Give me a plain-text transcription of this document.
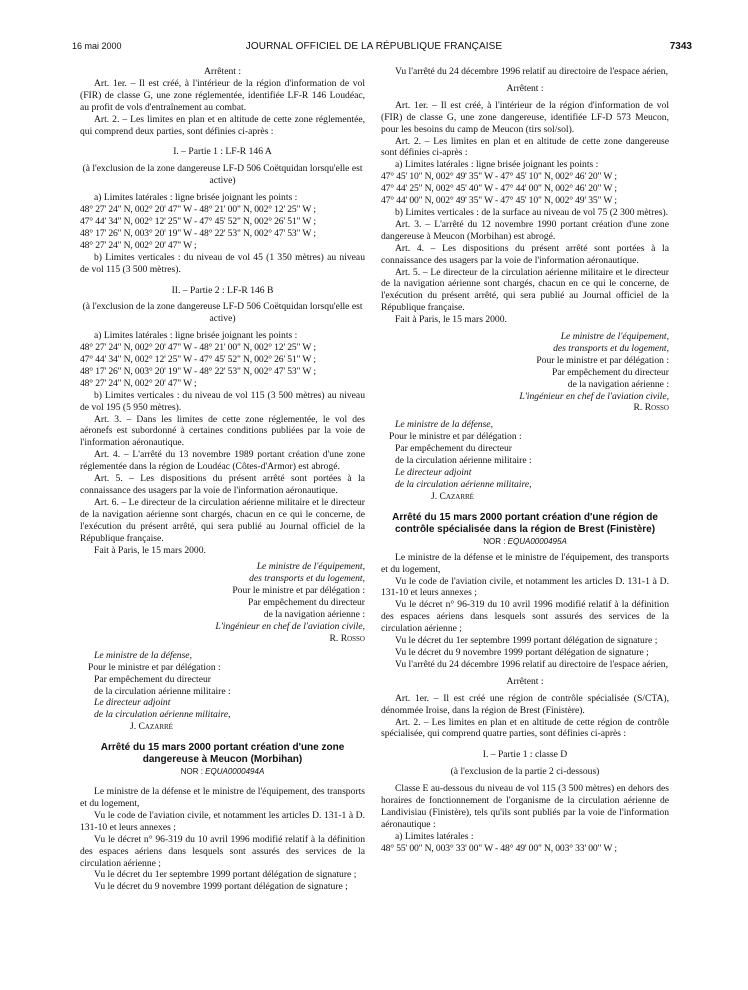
16 mai 2000	JOURNAL OFFICIEL DE LA RÉPUBLIQUE FRANÇAISE	7343

Arrêtent :

Art. 1er. – Il est créé, à l'intérieur de la région d'information de vol (FIR) de classe G, une zone réglementée, identifiée LF-R 146 Loudéac, au profit de vols d'entraînement au combat.

Art. 2. – Les limites en plan et en altitude de cette zone réglementée, qui comprend deux parties, sont définies ci-après :

I. – Partie 1 : LF-R 146 A

(à l'exclusion de la zone dangereuse LF-D 506 Coëtquidan lorsqu'elle est active)

a) Limites latérales : ligne brisée joignant les points :

48° 27' 24" N, 002° 20' 47" W - 48° 21' 00" N, 002° 12' 25" W ;

47° 44' 34" N, 002° 12' 25" W - 47° 45' 52" N, 002° 26' 51" W ;

48° 17' 26" N, 003° 20' 19" W - 48° 22' 53" N, 002° 47' 53" W ;

48° 27' 24" N, 002° 20' 47" W ;

b) Limites verticales : du niveau de vol 45 (1 350 mètres) au niveau de vol 115 (3 500 mètres).

II. – Partie 2 : LF-R 146 B

(à l'exclusion de la zone dangereuse LF-D 506 Coëtquidan lorsqu'elle est active)

a) Limites latérales : ligne brisée joignant les points :

48° 27' 24" N, 002° 20' 47" W - 48° 21' 00" N, 002° 12' 25" W ;

47° 44' 34" N, 002° 12' 25" W - 47° 45' 52" N, 002° 26' 51" W ;

48° 17' 26" N, 003° 20' 19" W - 48° 22' 53" N, 002° 47' 53" W ;

48° 27' 24" N, 002° 20' 47" W ;

b) Limites verticales : du niveau de vol 115 (3 500 mètres) au niveau de vol 195 (5 950 mètres).

Art. 3. – Dans les limites de cette zone réglementée, le vol des aéronefs est subordonné à certaines conditions publiées par la voie de l'information aéronautique.

Art. 4. – L'arrêté du 13 novembre 1989 portant création d'une zone réglementée dans la région de Loudéac (Côtes-d'Armor) est abrogé.

Art. 5. – Les dispositions du présent arrêté sont portées à la connaissance des usagers par la voie de l'information aéronautique.

Art. 6. – Le directeur de la circulation aérienne militaire et le directeur de la navigation aérienne sont chargés, chacun en ce qui le concerne, de l'exécution du présent arrêté, qui sera publié au Journal officiel de la République française.

Fait à Paris, le 15 mars 2000.

Le ministre de l'équipement,

des transports et du logement,

Pour le ministre et par délégation :

Par empêchement du directeur

de la navigation aérienne :

L'ingénieur en chef de l'aviation civile,

R. Rosso

Le ministre de la défense,

Pour le ministre et par délégation :

Par empêchement du directeur

de la circulation aérienne militaire :

Le directeur adjoint

de la circulation aérienne militaire,

J. Cazarré

Arrêté du 15 mars 2000 portant création d'une zone dangereuse à Meucon (Morbihan)

NOR : EQUA0000494A

Le ministre de la défense et le ministre de l'équipement, des transports et du logement,

Vu le code de l'aviation civile, et notamment les articles D. 131-1 à D. 131-10 et leurs annexes ;

Vu le décret n° 96-319 du 10 avril 1996 modifié relatif à la définition des espaces aériens dans lesquels sont assurés des services de la circulation aérienne ;

Vu le décret du 1er septembre 1999 portant délégation de signature ;

Vu le décret du 9 novembre 1999 portant délégation de signature ;

Vu l'arrêté du 24 décembre 1996 relatif au directoire de l'espace aérien,

Arrêtent :

Art. 1er. – Il est créé, à l'intérieur de la région d'information de vol (FIR) de classe G, une zone dangereuse, identifiée LF-D 573 Meucon, pour les besoins du camp de Meucon (tirs sol/sol).

Art. 2. – Les limites en plan et en altitude de cette zone dangereuse sont définies ci-après :

a) Limites latérales : ligne brisée joignant les points :

47° 45' 10" N, 002° 49' 35" W - 47° 45' 10" N, 002° 46' 20" W ;

47° 44' 25" N, 002° 45' 40" W - 47° 44' 00" N, 002° 46' 20" W ;

47° 44' 00" N, 002° 49' 35" W - 47° 45' 10" N, 002° 49' 35" W ;

b) Limites verticales : de la surface au niveau de vol 75 (2 300 mètres).

Art. 3. – L'arrêté du 12 novembre 1990 portant création d'une zone dangereuse à Meucon (Morbihan) est abrogé.

Art. 4. – Les dispositions du présent arrêté sont portées à la connaissance des usagers par la voie de l'information aéronautique.

Art. 5. – Le directeur de la circulation aérienne militaire et le directeur de la navigation aérienne sont chargés, chacun en ce qui le concerne, de l'exécution du présent arrêté, qui sera publié au Journal officiel de la République française.

Fait à Paris, le 15 mars 2000.

Le ministre de l'équipement,

des transports et du logement,

Pour le ministre et par délégation :

Par empêchement du directeur

de la navigation aérienne :

L'ingénieur en chef de l'aviation civile,

R. Rosso

Le ministre de la défense,

Pour le ministre et par délégation :

Par empêchement du directeur

de la circulation aérienne militaire :

Le directeur adjoint

de la circulation aérienne militaire,

J. Cazarré

Arrêté du 15 mars 2000 portant création d'une région de contrôle spécialisée dans la région de Brest (Finistère)

NOR : EQUA0000495A

Le ministre de la défense et le ministre de l'équipement, des transports et du logement,

Vu le code de l'aviation civile, et notamment les articles D. 131-1 à D. 131-10 et leurs annexes ;

Vu le décret n° 96-319 du 10 avril 1996 modifié relatif à la définition des espaces aériens dans lesquels sont assurés des services de la circulation aérienne ;

Vu le décret du 1er septembre 1999 portant délégation de signature ;

Vu le décret du 9 novembre 1999 portant délégation de signature ;

Vu l'arrêté du 24 décembre 1996 relatif au directoire de l'espace aérien,

Arrêtent :

Art. 1er. – Il est créé une région de contrôle spécialisée (S/CTA), dénommée Iroise, dans la région de Brest (Finistère).

Art. 2. – Les limites en plan et en altitude de cette région de contrôle spécialisée, qui comprend quatre parties, sont définies ci-après :

I. – Partie 1 : classe D

(à l'exclusion de la partie 2 ci-dessous)

Classe E au-dessous du niveau de vol 115 (3 500 mètres) en dehors des horaires de fonctionnement de l'organisme de la circulation aérienne de Landivisiau (Finistère), tels qu'ils sont publiés par la voie de l'information aéronautique :

a) Limites latérales :

48° 55' 00" N, 003° 33' 00" W - 48° 49' 00" N, 003° 33' 00" W ;
